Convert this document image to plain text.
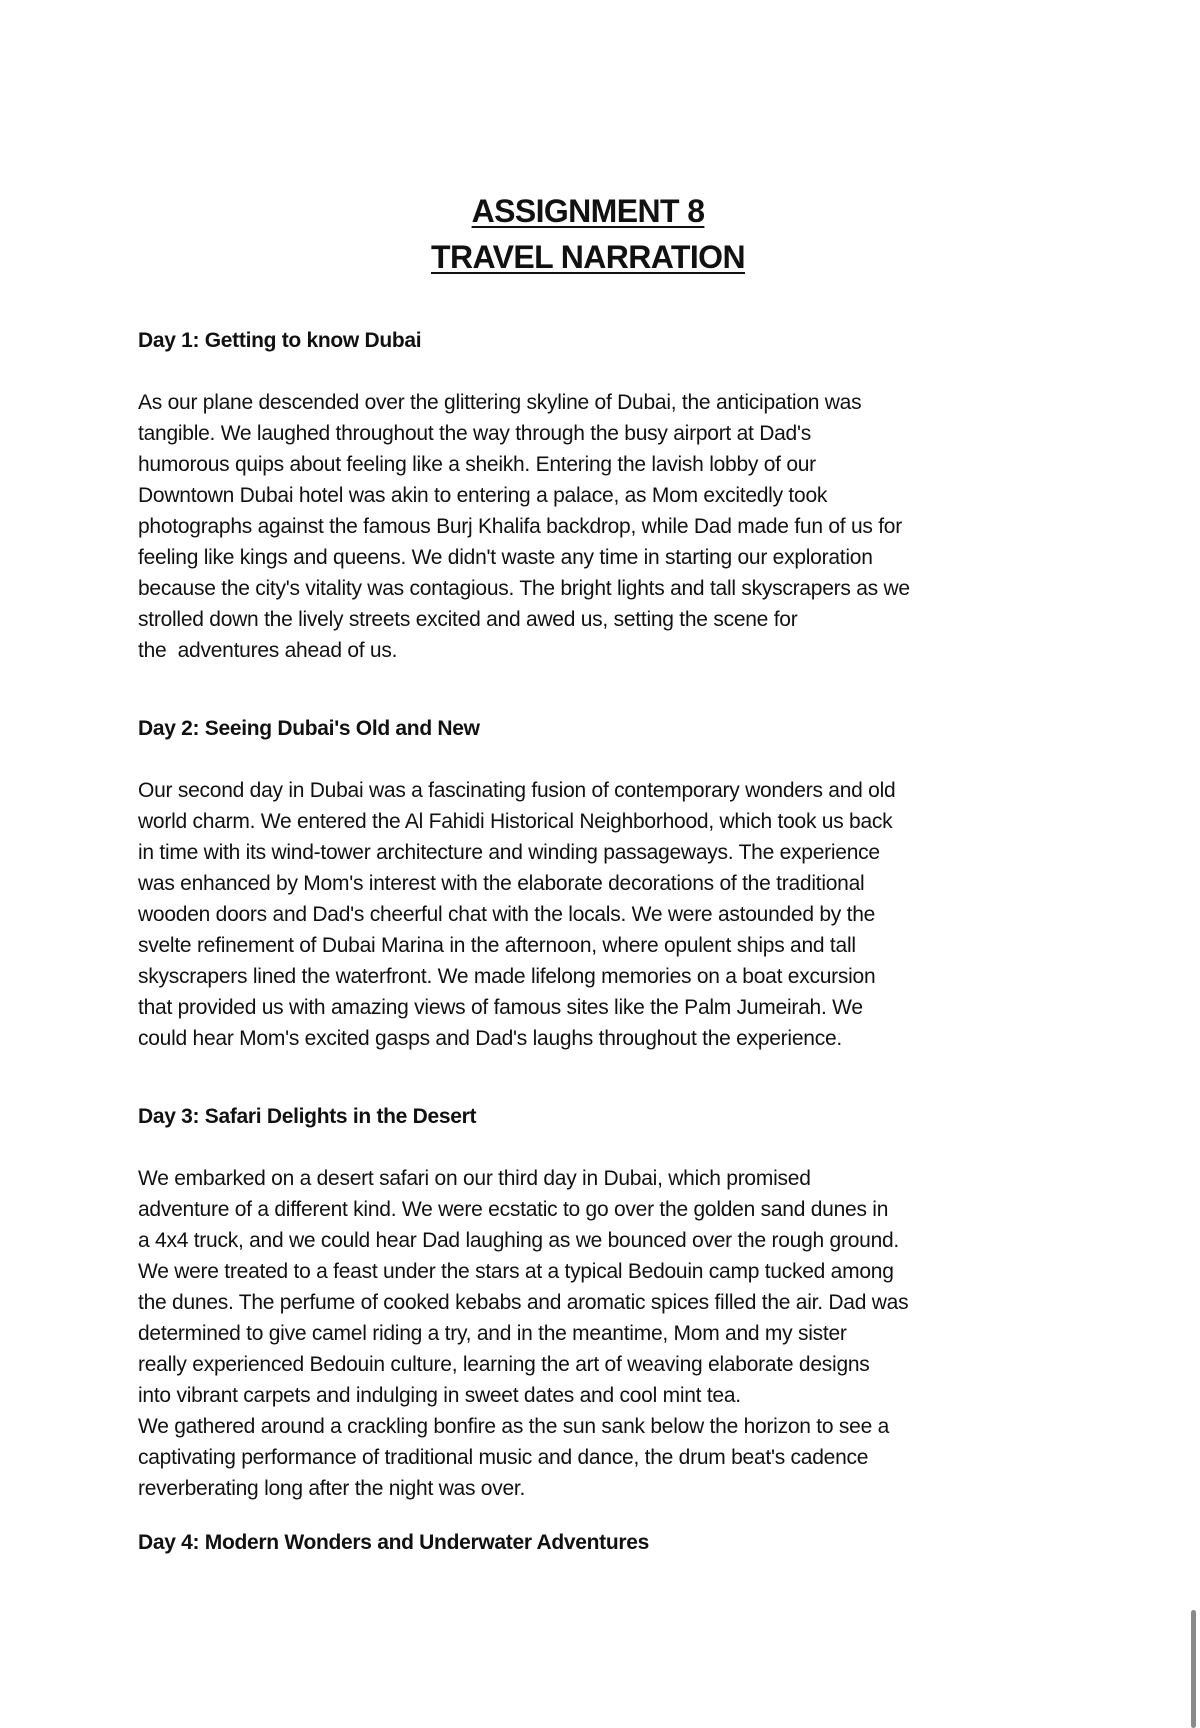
ASSIGNMENT 8
TRAVEL NARRATION

Day 1: Getting to know Dubai

As our plane descended over the glittering skyline of Dubai, the anticipation was
tangible. We laughed throughout the way through the busy airport at Dad's
humorous quips about feeling like a sheikh. Entering the lavish lobby of our
Downtown Dubai hotel was akin to entering a palace, as Mom excitedly took
photographs against the famous Burj Khalifa backdrop, while Dad made fun of us for
feeling like kings and queens. We didn't waste any time in starting our exploration
because the city's vitality was contagious. The bright lights and tall skyscrapers as we
strolled down the lively streets excited and awed us, setting the scene for
the  adventures ahead of us.

Day 2: Seeing Dubai's Old and New

Our second day in Dubai was a fascinating fusion of contemporary wonders and old
world charm. We entered the Al Fahidi Historical Neighborhood, which took us back
in time with its wind-tower architecture and winding passageways. The experience
was enhanced by Mom's interest with the elaborate decorations of the traditional
wooden doors and Dad's cheerful chat with the locals. We were astounded by the
svelte refinement of Dubai Marina in the afternoon, where opulent ships and tall
skyscrapers lined the waterfront. We made lifelong memories on a boat excursion
that provided us with amazing views of famous sites like the Palm Jumeirah. We
could hear Mom's excited gasps and Dad's laughs throughout the experience.

Day 3: Safari Delights in the Desert

We embarked on a desert safari on our third day in Dubai, which promised
adventure of a different kind. We were ecstatic to go over the golden sand dunes in
a 4x4 truck, and we could hear Dad laughing as we bounced over the rough ground.
We were treated to a feast under the stars at a typical Bedouin camp tucked among
the dunes. The perfume of cooked kebabs and aromatic spices filled the air. Dad was
determined to give camel riding a try, and in the meantime, Mom and my sister
really experienced Bedouin culture, learning the art of weaving elaborate designs
into vibrant carpets and indulging in sweet dates and cool mint tea.
We gathered around a crackling bonfire as the sun sank below the horizon to see a
captivating performance of traditional music and dance, the drum beat's cadence
reverberating long after the night was over.

Day 4: Modern Wonders and Underwater Adventures
